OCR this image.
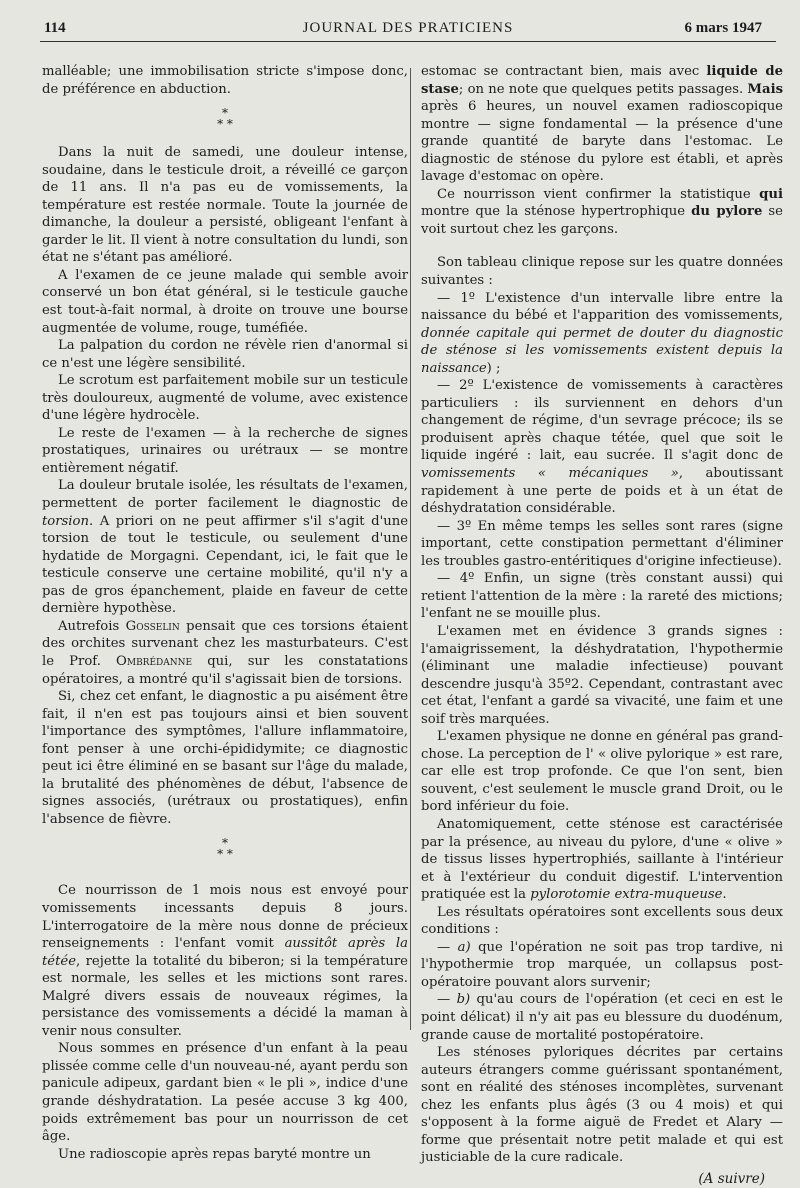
114	JOURNAL DES PRATICIENS	6 mars 1947

malléable; une immobilisation stricte s'impose donc, de préférence en abduction.

*
* *

Dans la nuit de samedi, une douleur intense, soudaine, dans le testicule droit, a réveillé ce garçon de 11 ans. Il n'a pas eu de vomissements, la température est restée normale. Toute la journée de dimanche, la douleur a persisté, obligeant l'enfant à garder le lit. Il vient à notre consultation du lundi, son état ne s'étant pas amélioré.

A l'examen de ce jeune malade qui semble avoir conservé un bon état général, si le testicule gauche est tout-à-fait normal, à droite on trouve une bourse augmentée de volume, rouge, tuméfiée.

La palpation du cordon ne révèle rien d'anormal si ce n'est une légère sensibilité.

Le scrotum est parfaitement mobile sur un testicule très douloureux, augmenté de volume, avec existence d'une légère hydrocèle.

Le reste de l'examen — à la recherche de signes prostatiques, urinaires ou urétraux — se montre entièrement négatif.

La douleur brutale isolée, les résultats de l'examen, permettent de porter facilement le diagnostic de torsion. A priori on ne peut affirmer s'il s'agit d'une torsion de tout le testicule, ou seulement d'une hydatide de Morgagni. Cependant, ici, le fait que le testicule conserve une certaine mobilité, qu'il n'y a pas de gros épanchement, plaide en faveur de cette dernière hypothèse.

Autrefois Gosselin pensait que ces torsions étaient des orchites survenant chez les masturbateurs. C'est le Prof. Ombrédanne qui, sur les constatations opératoires, a montré qu'il s'agissait bien de torsions.

Si, chez cet enfant, le diagnostic a pu aisément être fait, il n'en est pas toujours ainsi et bien souvent l'importance des symptômes, l'allure inflammatoire, font penser à une orchi-épididymite; ce diagnostic peut ici être éliminé en se basant sur l'âge du malade, la brutalité des phénomènes de début, l'absence de signes associés, (urétraux ou prostatiques), enfin l'absence de fièvre.

*
* *

Ce nourrisson de 1 mois nous est envoyé pour vomissements incessants depuis 8 jours. L'interrogatoire de la mère nous donne de précieux renseignements : l'enfant vomit aussitôt après la tétée, rejette la totalité du biberon; si la température est normale, les selles et les mictions sont rares. Malgré divers essais de nouveaux régimes, la persistance des vomissements a décidé la maman à venir nous consulter.

Nous sommes en présence d'un enfant à la peau plissée comme celle d'un nouveau-né, ayant perdu son panicule adipeux, gardant bien « le pli », indice d'une grande déshydratation. La pesée accuse 3 kg 400, poids extrêmement bas pour un nourrisson de cet âge.

Une radioscopie après repas baryté montre un

estomac se contractant bien, mais avec liquide de stase; on ne note que quelques petits passages. Mais après 6 heures, un nouvel examen radioscopique montre — signe fondamental — la présence d'une grande quantité de baryte dans l'estomac. Le diagnostic de sténose du pylore est établi, et après lavage d'estomac on opère.

Ce nourrisson vient confirmer la statistique qui montre que la sténose hypertrophique du pylore se voit surtout chez les garçons.

Son tableau clinique repose sur les quatre données suivantes :

— 1º L'existence d'un intervalle libre entre la naissance du bébé et l'apparition des vomissements, donnée capitale qui permet de douter du diagnostic de sténose si les vomissements existent depuis la naissance) ;

— 2º L'existence de vomissements à caractères particuliers : ils surviennent en dehors d'un changement de régime, d'un sevrage précoce; ils se produisent après chaque tétée, quel que soit le liquide ingéré : lait, eau sucrée. Il s'agit donc de vomissements « mécaniques », aboutissant rapidement à une perte de poids et à un état de déshydratation considérable.

— 3º En même temps les selles sont rares (signe important, cette constipation permettant d'éliminer les troubles gastro-entéritiques d'origine infectieuse).

— 4º Enfin, un signe (très constant aussi) qui retient l'attention de la mère : la rareté des mictions; l'enfant ne se mouille plus.

L'examen met en évidence 3 grands signes : l'amaigrissement, la déshydratation, l'hypothermie (éliminant une maladie infectieuse) pouvant descendre jusqu'à 35º2. Cependant, contrastant avec cet état, l'enfant a gardé sa vivacité, une faim et une soif très marquées.

L'examen physique ne donne en général pas grand-chose. La perception de l' « olive pylorique » est rare, car elle est trop profonde. Ce que l'on sent, bien souvent, c'est seulement le muscle grand Droit, ou le bord inférieur du foie.

Anatomiquement, cette sténose est caractérisée par la présence, au niveau du pylore, d'une « olive » de tissus lisses hypertrophiés, saillante à l'intérieur et à l'extérieur du conduit digestif. L'intervention pratiquée est la pylorotomie extra-muqueuse.

Les résultats opératoires sont excellents sous deux conditions :

— a) que l'opération ne soit pas trop tardive, ni l'hypothermie trop marquée, un collapsus post-opératoire pouvant alors survenir;

— b) qu'au cours de l'opération (et ceci en est le point délicat) il n'y ait pas eu blessure du duodénum, grande cause de mortalité postopératoire.

Les sténoses pyloriques décrites par certains auteurs étrangers comme guérissant spontanément, sont en réalité des sténoses incomplètes, survenant chez les enfants plus âgés (3 ou 4 mois) et qui s'opposent à la forme aiguë de Fredet et Alary — forme que présentait notre petit malade et qui est justiciable de la cure radicale.

(A suivre)
